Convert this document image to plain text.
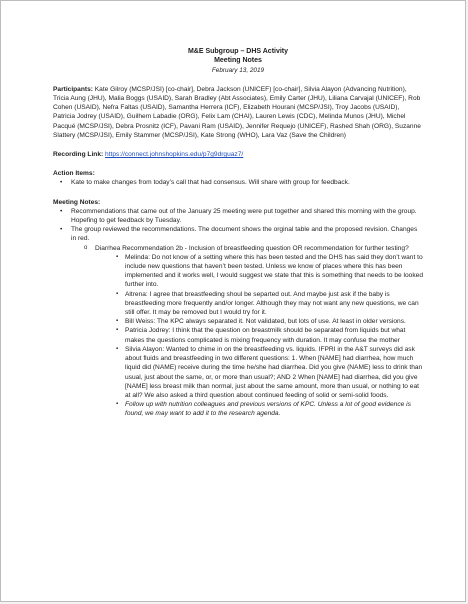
M&E Subgroup – DHS Activity
Meeting Notes
February 13, 2019

Participants: Kate Gilroy (MCSP/JSI) [co-chair], Debra Jackson (UNICEF) [co-chair], Silvia Alayon (Advancing Nutrition), Tricia Aung (JHU), Malia Boggs (USAID), Sarah Bradley (Abt Associates), Emily Carter (JHU), Liliana Carvajal (UNICEF), Rob Cohen (USAID), Nefra Faltas (USAID), Samantha Herrera (ICF), Elizabeth Hourani (MCSP/JSI), Troy Jacobs (USAID), Patricia Jodrey (USAID), Guilhem Labadie (ORG), Felix Lam (CHAI), Lauren Lewis (CDC), Melinda Munos (JHU), Michel Pacqué (MCSP/JSI), Debra Prosnitz (ICF), Pavani Ram (USAID), Jennifer Requejo (UNICEF), Rashed Shah (ORG), Suzanne Slattery (MCSP/JSI), Emily Stammer (MCSP/JSI), Kate Strong (WHO), Lara Vaz (Save the Children)

Recording Link: https://connect.johnshopkins.edu/p7g9drguaz7/

Action Items:
• Kate to make changes from today’s call that had consensus. Will share with group for feedback.
Meeting Notes:
• Recommendations that came out of the January 25 meeting were put together and shared this morning with the group. Hopefing to get feedback by Tuesday.
• The group reviewed the recommendations. The document shows the orginal table and the proposed revision. Changes in red.
o Diarrhea Recommendation 2b - Inclusion of breastfeeding question OR recommendation for further testing?
▪ Melinda: Do not know of a setting where this has been tested and the DHS has said they don’t want to include new questions that haven’t been tested. Unless we know of places where this has been implemented and it works well, I would suggest we state that this is something that needs to be looked further into.
▪ Altrena: I agree that breastfeeding shoul be separted out. And maybe just ask if the baby is breastfeeding more frequently and/or longer. Although they may not want any new questions, we can still offer. It may be removed but I would try for it.
▪ Bill Weiss: The KPC always separated it. Not validated, but lots of use. At least in older versions.
▪ Patricia Jodrey: I think that the question on breastmilk should be separated from liquids but what makes the questions complicated is mixing frequency with duration. It may confuse the mother
▪ Silvia Alayon: Wanted to chime in on the breastfeeding vs. liquids. IFPRI in the A&T surveys did ask about fluids and breastfeeding in two different questions: 1. When [NAME] had diarrhea, how much liquid did (NAME) receive during the time he/she had diarrhea. Did you give (NAME) less to drink than usual, just about the same, or, or more than usual?; AND 2 When [NAME] had diarrhea, did you give [NAME] less breast milk than normal, just about the same amount, more than usual, or nothing to eat at all? We also asked a third question about continued feeding of solid or semi-solid foods.
▪ Follow up with nutrition colleagues and previous versions of KPC. Unless a lot of good evidence is found, we may want to add it to the research agenda.
